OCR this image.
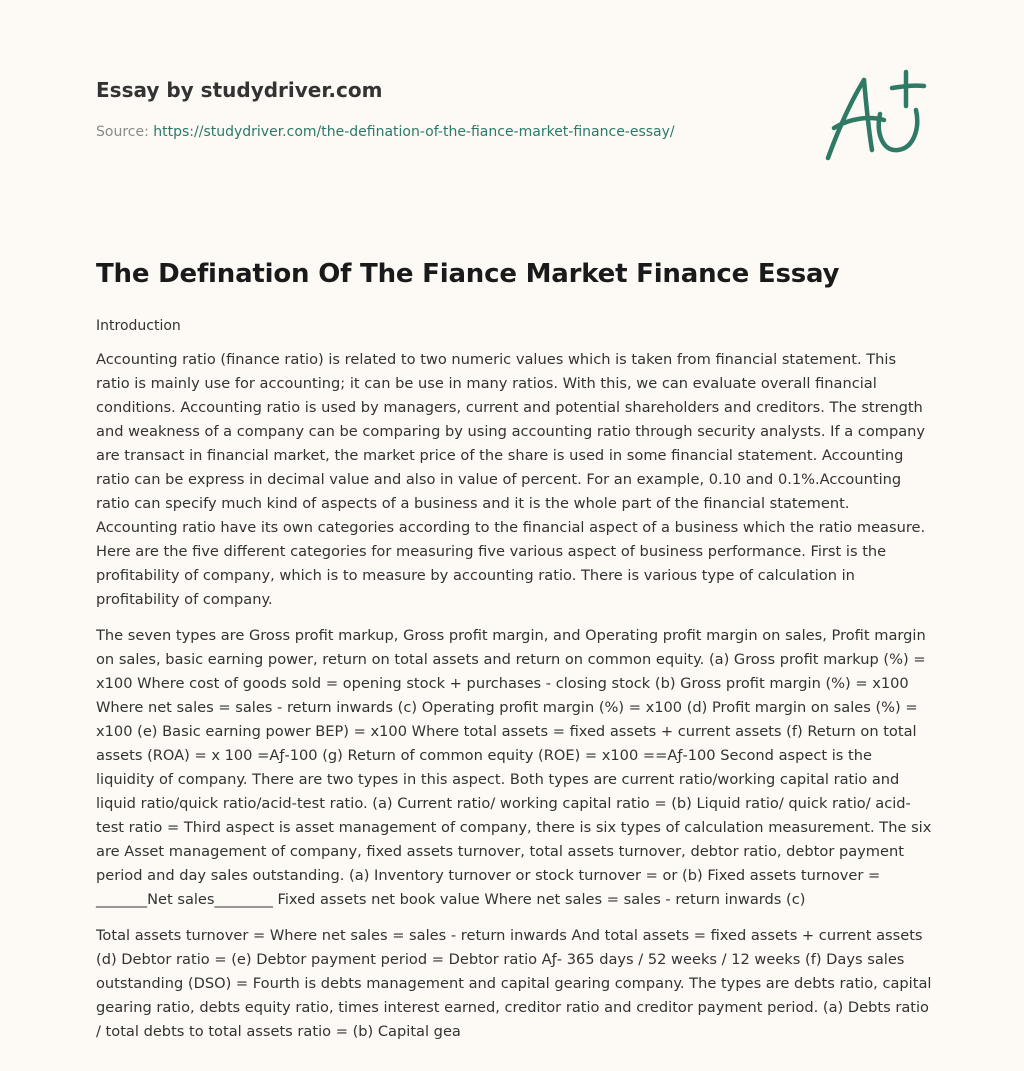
Essay by studydriver.com
Source: https://studydriver.com/the-defination-of-the-fiance-market-finance-essay/
The Defination Of The Fiance Market Finance Essay
Introduction

Accounting ratio (finance ratio) is related to two numeric values which is taken from financial statement. This ratio is mainly use for accounting; it can be use in many ratios. With this, we can evaluate overall financial conditions. Accounting ratio is used by managers, current and potential shareholders and creditors. The strength and weakness of a company can be comparing by using accounting ratio through security analysts. If a company are transact in financial market, the market price of the share is used in some financial statement. Accounting ratio can be express in decimal value and also in value of percent. For an example, 0.10 and 0.1%.Accounting ratio can specify much kind of aspects of a business and it is the whole part of the financial statement. Accounting ratio have its own categories according to the financial aspect of a business which the ratio measure. Here are the five different categories for measuring five various aspect of business performance. First is the profitability of company, which is to measure by accounting ratio. There is various type of calculation in profitability of company.

The seven types are Gross profit markup, Gross profit margin, and Operating profit margin on sales, Profit margin on sales, basic earning power, return on total assets and return on common equity. (a) Gross profit markup (%) = x100 Where cost of goods sold = opening stock + purchases - closing stock (b) Gross profit margin (%) = x100 Where net sales = sales - return inwards (c) Operating profit margin (%) = x100 (d) Profit margin on sales (%) = x100 (e) Basic earning power BEP) = x100 Where total assets = fixed assets + current assets (f) Return on total assets (ROA) = x 100 =Aƒ-100 (g) Return of common equity (ROE) = x100 ==Aƒ-100 Second aspect is the liquidity of company. There are two types in this aspect. Both types are current ratio/working capital ratio and liquid ratio/quick ratio/acid-test ratio. (a) Current ratio/ working capital ratio = (b) Liquid ratio/ quick ratio/ acid-test ratio = Third aspect is asset management of company, there is six types of calculation measurement. The six are Asset management of company, fixed assets turnover, total assets turnover, debtor ratio, debtor payment period and day sales outstanding. (a) Inventory turnover or stock turnover = or (b) Fixed assets turnover = _______Net sales________ Fixed assets net book value Where net sales = sales - return inwards (c)

Total assets turnover = Where net sales = sales - return inwards And total assets = fixed assets + current assets (d) Debtor ratio = (e) Debtor payment period = Debtor ratio Aƒ- 365 days / 52 weeks / 12 weeks (f) Days sales outstanding (DSO) = Fourth is debts management and capital gearing company. The types are debts ratio, capital gearing ratio, debts equity ratio, times interest earned, creditor ratio and creditor payment period. (a) Debts ratio / total debts to total assets ratio = (b) Capital gea
